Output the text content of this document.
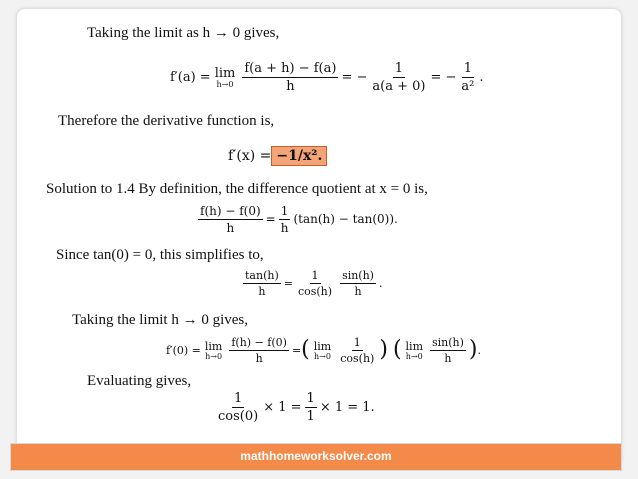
Taking the limit as h → 0 gives,
f′(a) = lim
$h\to 0 \frac{f(a + h) - f(a)}{h}$ = − $\frac{1}{a(a + 0)}$ = − $\frac{1}{\text{a²}}$ .
Therefore the derivative function is,
f′(x) = −1/x².
Solution to 1.4 By definition, the difference quotient at x = 0 is,
$\frac{f(h) - f(0)}{h} = \frac{1}{h} (\tan(h) - \tan(0))$.
Since tan(0) = 0, this simplifies to,
$\frac{\tan(h)}{h} = \frac{1}{\cos(h)} \frac{\sin(h)}{h}$ .
Taking the limit h → 0 gives,
f′(0) = lim
$h\to 0 \frac{f(h) - f(0)}{h}$ = ( lim
$h\to 0 \frac{1}{\cos(h)}$ ) ( lim
$h\to 0 \frac{\sin(h)}{h}$ ) .
Evaluating gives,
$\frac{1}{\cos(0)} \times 1 = \frac{1}{1} \times 1 = 1$.
mathhomeworksolver.com
